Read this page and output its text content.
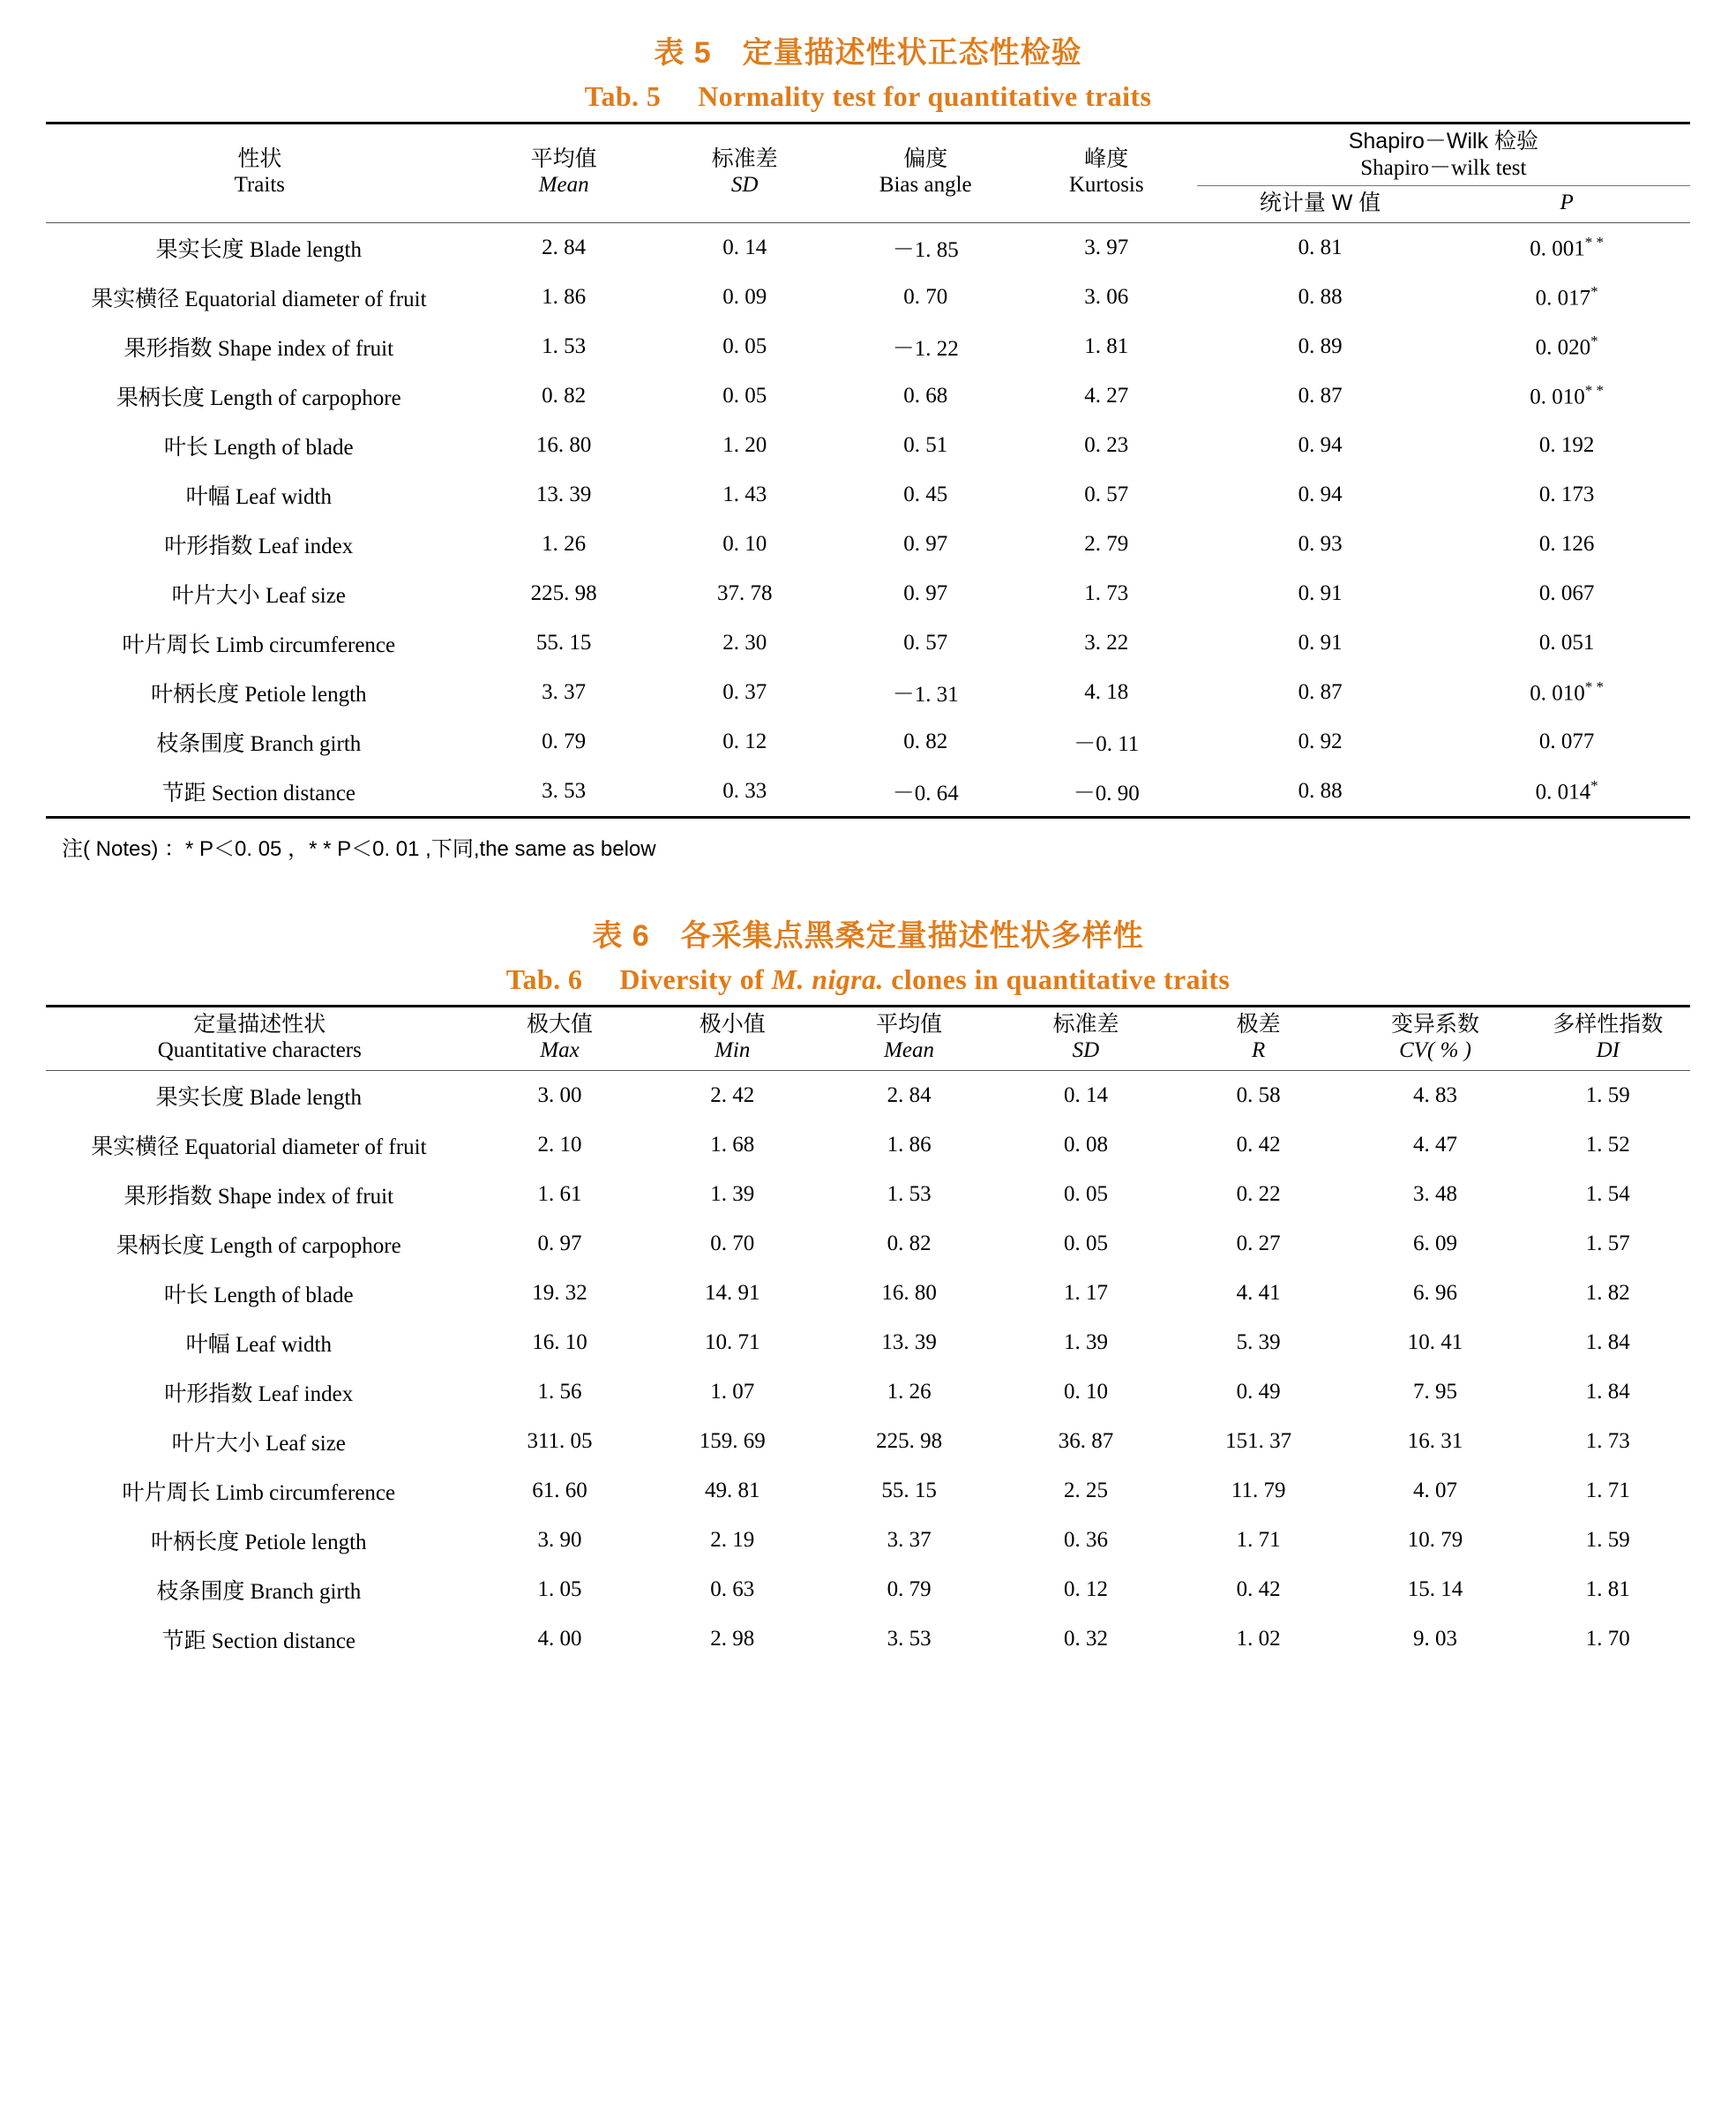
表 5　定量描述性状正态性检验
Tab. 5 Normality test for quantitative traits
性状
Traits

平均值
Mean

标准差
SD

偏度
Bias angle

峰度
Kurtosis

Shapiro－Wilk 检验
Shapiro－wilk test

					统计量 W 值	P

果实长度 Blade length	2. 84	0. 14	－1. 85	3. 97	0. 81	0. 001* *
果实横径 Equatorial diameter of fruit	1. 86	0. 09	0. 70	3. 06	0. 88	0. 017*
果形指数 Shape index of fruit	1. 53	0. 05	－1. 22	1. 81	0. 89	0. 020*
果柄长度 Length of carpophore	0. 82	0. 05	0. 68	4. 27	0. 87	0. 010* *
叶长 Length of blade	16. 80	1. 20	0. 51	0. 23	0. 94	0. 192
叶幅 Leaf width	13. 39	1. 43	0. 45	0. 57	0. 94	0. 173
叶形指数 Leaf index	1. 26	0. 10	0. 97	2. 79	0. 93	0. 126
叶片大小 Leaf size	225. 98	37. 78	0. 97	1. 73	0. 91	0. 067
叶片周长 Limb circumference	55. 15	2. 30	0. 57	3. 22	0. 91	0. 051
叶柄长度 Petiole length	3. 37	0. 37	－1. 31	4. 18	0. 87	0. 010* *
枝条围度 Branch girth	0. 79	0. 12	0. 82	－0. 11	0. 92	0. 077
节距 Section distance	3. 53	0. 33	－0. 64	－0. 90	0. 88	0. 014*
注( Notes) ：* P＜0. 05 ，* * P＜0. 01 ,下同,the same as below
表 6　各采集点黑桑定量描述性状多样性
Tab. 6 Diversity of M. nigra. clones in quantitative traits
定量描述性状
Quantitative characters

极大值
Max

极小值
Min

平均值
Mean

标准差
SD

极差
R

变异系数
CV( % )

多样性指数
DI

果实长度 Blade length	3. 00	2. 42	2. 84	0. 14	0. 58	4. 83	1. 59
果实横径 Equatorial diameter of fruit	2. 10	1. 68	1. 86	0. 08	0. 42	4. 47	1. 52
果形指数 Shape index of fruit	1. 61	1. 39	1. 53	0. 05	0. 22	3. 48	1. 54
果柄长度 Length of carpophore	0. 97	0. 70	0. 82	0. 05	0. 27	6. 09	1. 57
叶长 Length of blade	19. 32	14. 91	16. 80	1. 17	4. 41	6. 96	1. 82
叶幅 Leaf width	16. 10	10. 71	13. 39	1. 39	5. 39	10. 41	1. 84
叶形指数 Leaf index	1. 56	1. 07	1. 26	0. 10	0. 49	7. 95	1. 84
叶片大小 Leaf size	311. 05	159. 69	225. 98	36. 87	151. 37	16. 31	1. 73
叶片周长 Limb circumference	61. 60	49. 81	55. 15	2. 25	11. 79	4. 07	1. 71
叶柄长度 Petiole length	3. 90	2. 19	3. 37	0. 36	1. 71	10. 79	1. 59
枝条围度 Branch girth	1. 05	0. 63	0. 79	0. 12	0. 42	15. 14	1. 81
节距 Section distance	4. 00	2. 98	3. 53	0. 32	1. 02	9. 03	1. 70
